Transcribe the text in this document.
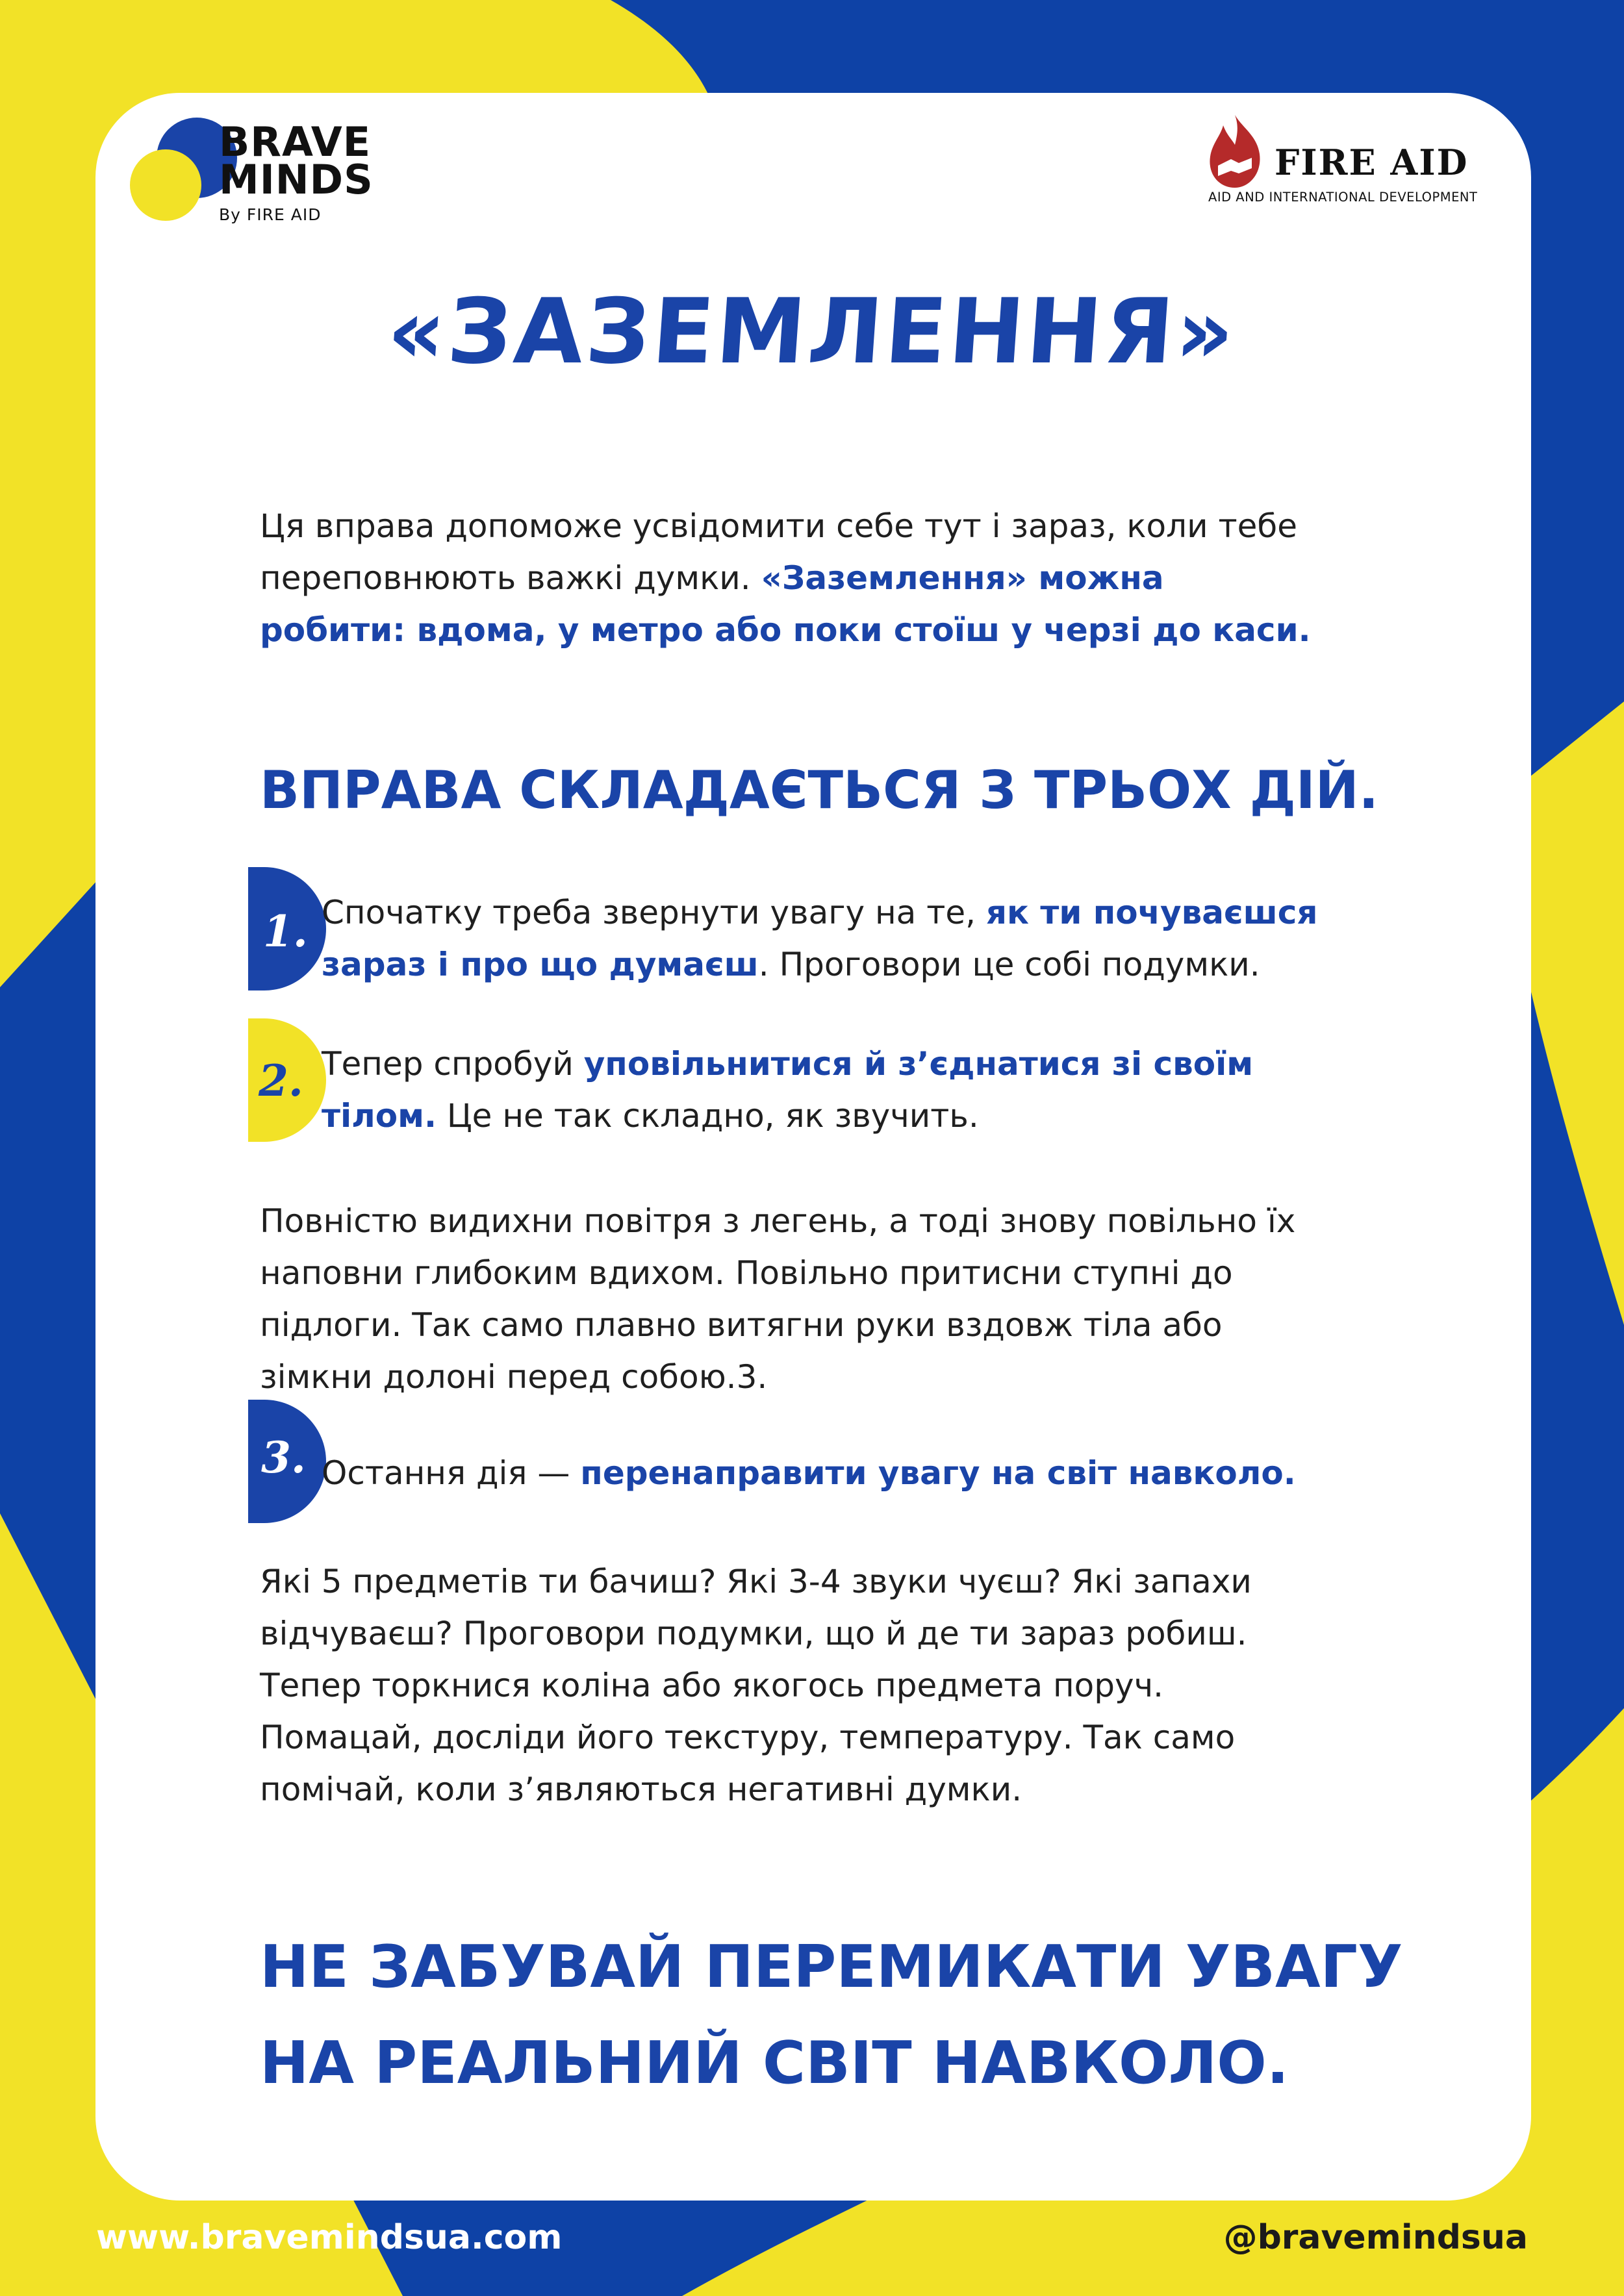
BRAVE
MINDS
By FIRE AID
FIRE AID
AID AND INTERNATIONAL DEVELOPMENT
«ЗАЗЕМЛЕННЯ»
Ця вправа допоможе усвідомити себе тут і зараз, коли тебе
переповнюють важкі думки. «Заземлення» можна
робити: вдома, у метро або поки стоїш у черзі до каси.
ВПРАВА СКЛАДАЄТЬСЯ З ТРЬОХ ДІЙ.
1. Спочатку треба звернути увагу на те, як ти почуваєшся
зараз і про що думаєш. Проговори це собі подумки.
2. Тепер спробуй уповільнитися й з’єднатися зі своїм
тілом. Це не так складно, як звучить.
Повністю видихни повітря з легень, а тоді знову повільно їх
наповни глибоким вдихом. Повільно притисни ступні до
підлоги. Так само плавно витягни руки вздовж тіла або
зімкни долоні перед собою.3.
3. Остання дія — перенаправити увагу на світ навколо.
Які 5 предметів ти бачиш? Які 3-4 звуки чуєш? Які запахи
відчуваєш? Проговори подумки, що й де ти зараз робиш.
Тепер торкнися коліна або якогось предмета поруч.
Помацай, досліди його текстуру, температуру. Так само
помічай, коли з’являються негативні думки.
НЕ ЗАБУВАЙ ПЕРЕМИКАТИ УВАГУ
НА РЕАЛЬНИЙ СВІТ НАВКОЛО.
www.bravemindsua.com	@bravemindsua
